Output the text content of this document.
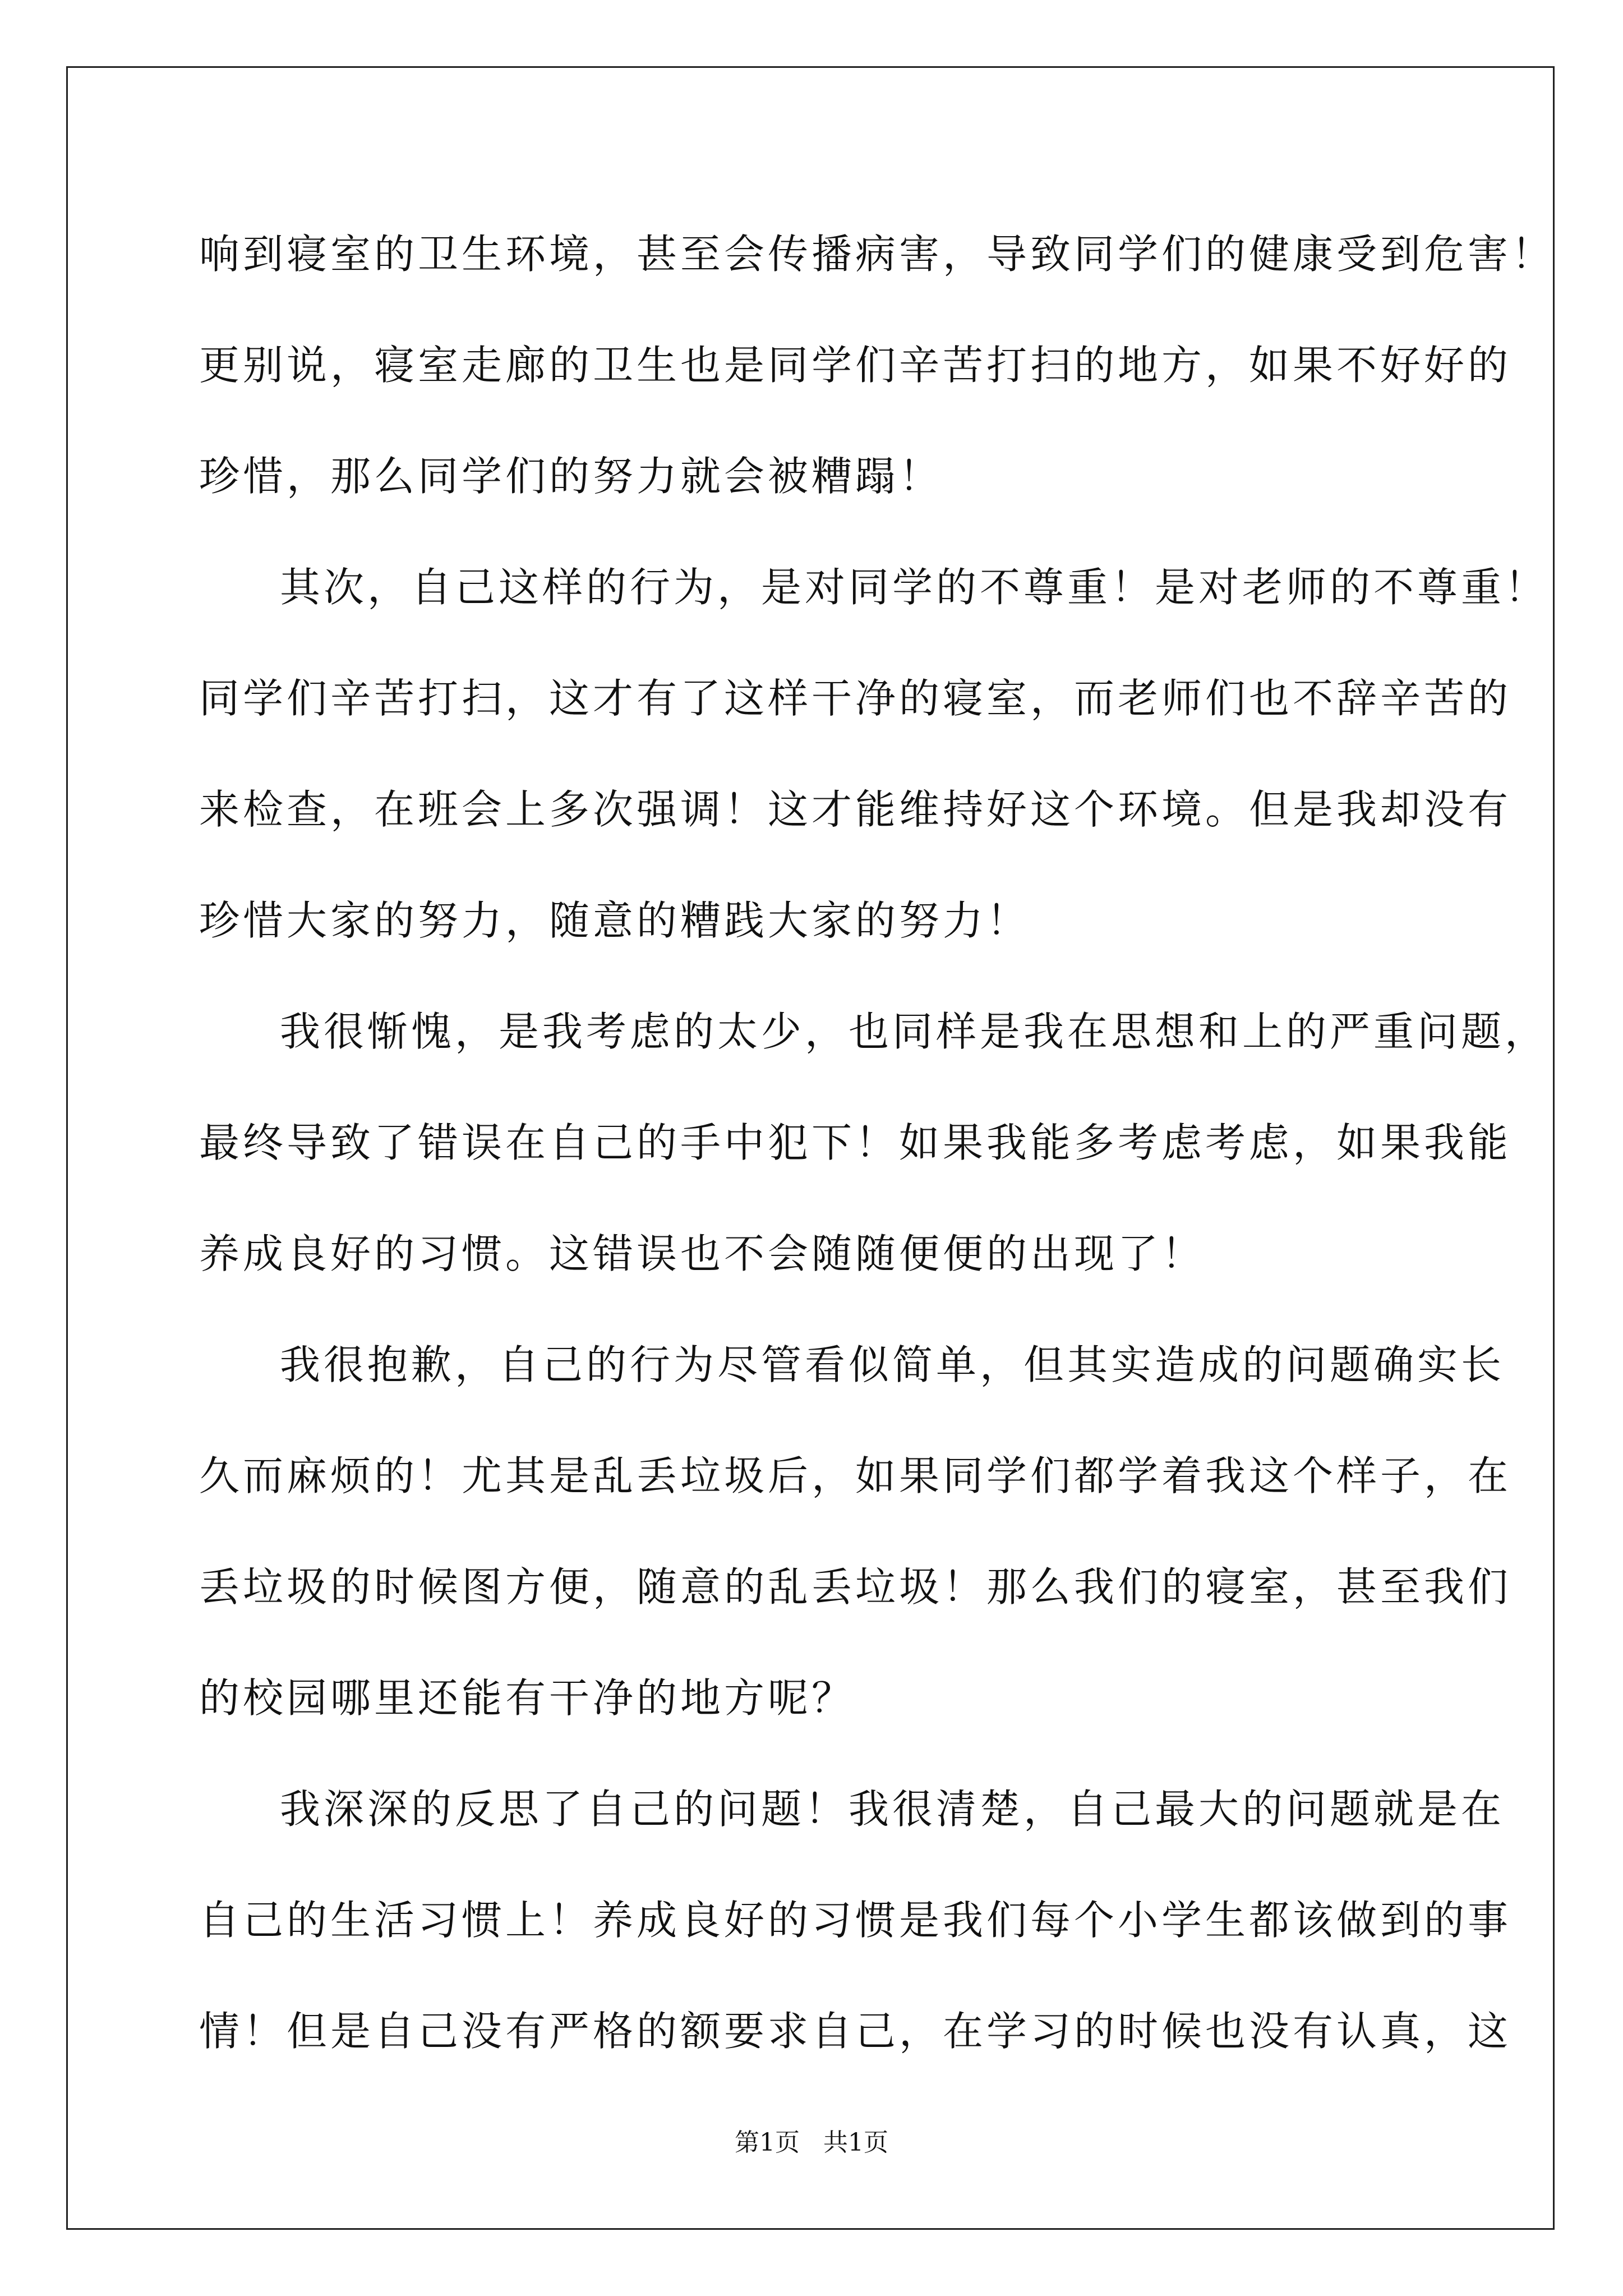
响到寝室的卫生环境，甚至会传播病害，导致同学们的健康受到危害！
更别说，寝室走廊的卫生也是同学们辛苦打扫的地方，如果不好好的
珍惜，那么同学们的努力就会被糟蹋！
其次，自己这样的行为，是对同学的不尊重！是对老师的不尊重！
同学们辛苦打扫，这才有了这样干净的寝室，而老师们也不辞辛苦的
来检查，在班会上多次强调！这才能维持好这个环境。但是我却没有
珍惜大家的努力，随意的糟践大家的努力！
我很惭愧，是我考虑的太少，也同样是我在思想和上的严重问题，
最终导致了错误在自己的手中犯下！如果我能多考虑考虑，如果我能
养成良好的习惯。这错误也不会随随便便的出现了！
我很抱歉，自己的行为尽管看似简单，但其实造成的问题确实长
久而麻烦的！尤其是乱丢垃圾后，如果同学们都学着我这个样子，在
丢垃圾的时候图方便，随意的乱丢垃圾！那么我们的寝室，甚至我们
的校园哪里还能有干净的地方呢？
我深深的反思了自己的问题！我很清楚，自己最大的问题就是在
自己的生活习惯上！养成良好的习惯是我们每个小学生都该做到的事
情！但是自己没有严格的额要求自己，在学习的时候也没有认真，这
第1页   共1页
